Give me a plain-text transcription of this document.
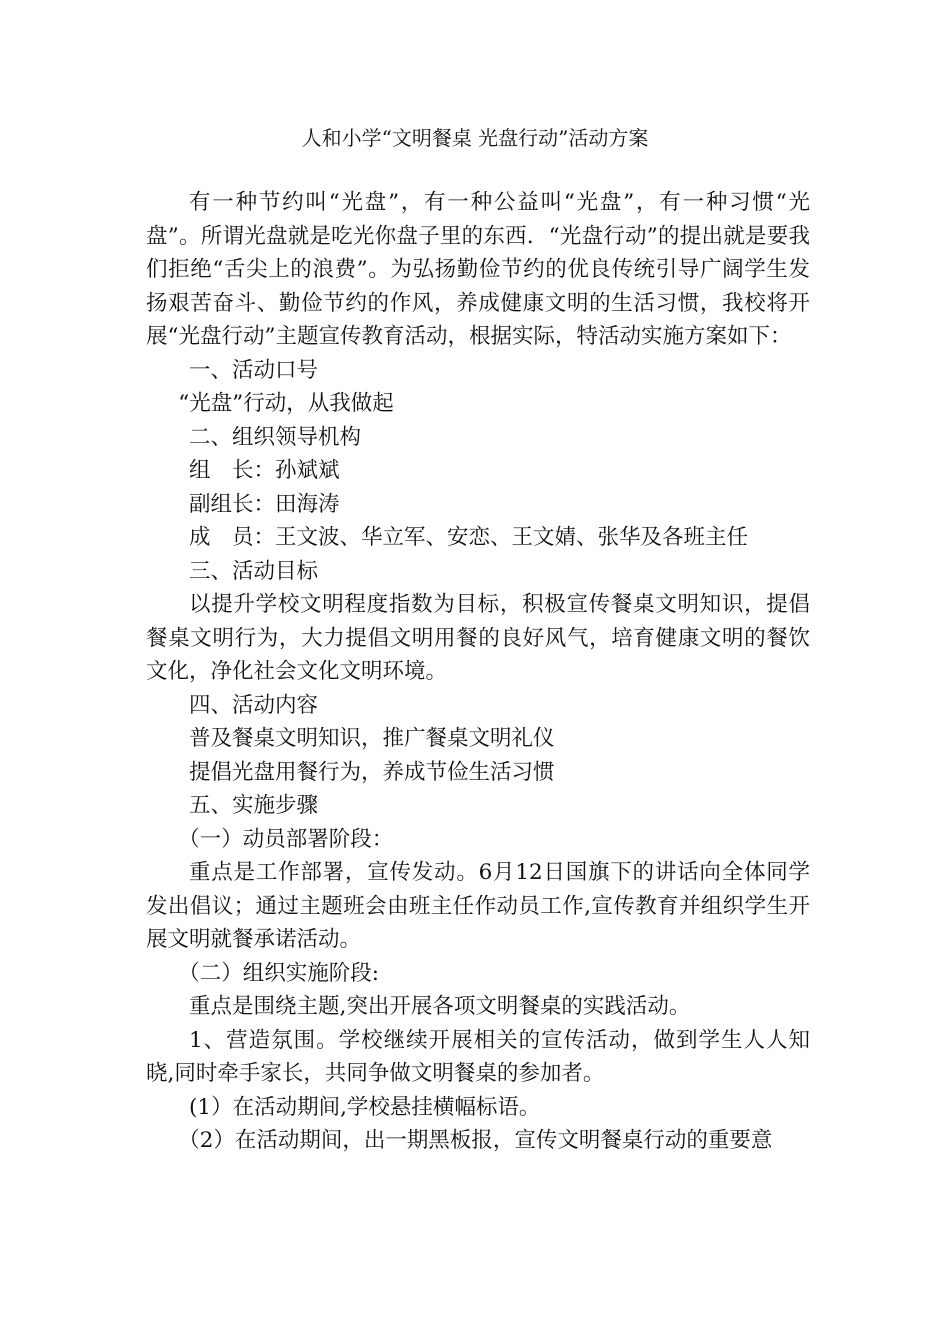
人和小学“文明餐桌 光盘行动”活动方案

有一种节约叫“光盘”，有一种公益叫“光盘”，有一种习惯“光盘”。所谓光盘就是吃光你盘子里的东西．“光盘行动”的提出就是要我们拒绝“舌尖上的浪费”。为弘扬勤俭节约的优良传统引导广阔学生发扬艰苦奋斗、勤俭节约的作风，养成健康文明的生活习惯，我校将开展“光盘行动”主题宣传教育活动，根据实际，特活动实施方案如下：

一、活动口号

“光盘”行动，从我做起

二、组织领导机构

组　长：孙斌斌

副组长：田海涛

成　员：王文波、华立军、安恋、王文婧、张华及各班主任

三、活动目标

以提升学校文明程度指数为目标，积极宣传餐桌文明知识，提倡餐桌文明行为，大力提倡文明用餐的良好风气，培育健康文明的餐饮文化，净化社会文化文明环境。

四、活动内容

普及餐桌文明知识，推广餐桌文明礼仪

提倡光盘用餐行为，养成节俭生活习惯

五、实施步骤

（一）动员部署阶段：

重点是工作部署，宣传发动。6月12日国旗下的讲话向全体同学发出倡议；通过主题班会由班主任作动员工作,宣传教育并组织学生开展文明就餐承诺活动。

（二）组织实施阶段:

重点是围绕主题,突出开展各项文明餐桌的实践活动。

1、营造氛围。学校继续开展相关的宣传活动，做到学生人人知晓,同时牵手家长，共同争做文明餐桌的参加者。

(1）在活动期间,学校悬挂横幅标语。

（2）在活动期间，出一期黑板报，宣传文明餐桌行动的重要意
